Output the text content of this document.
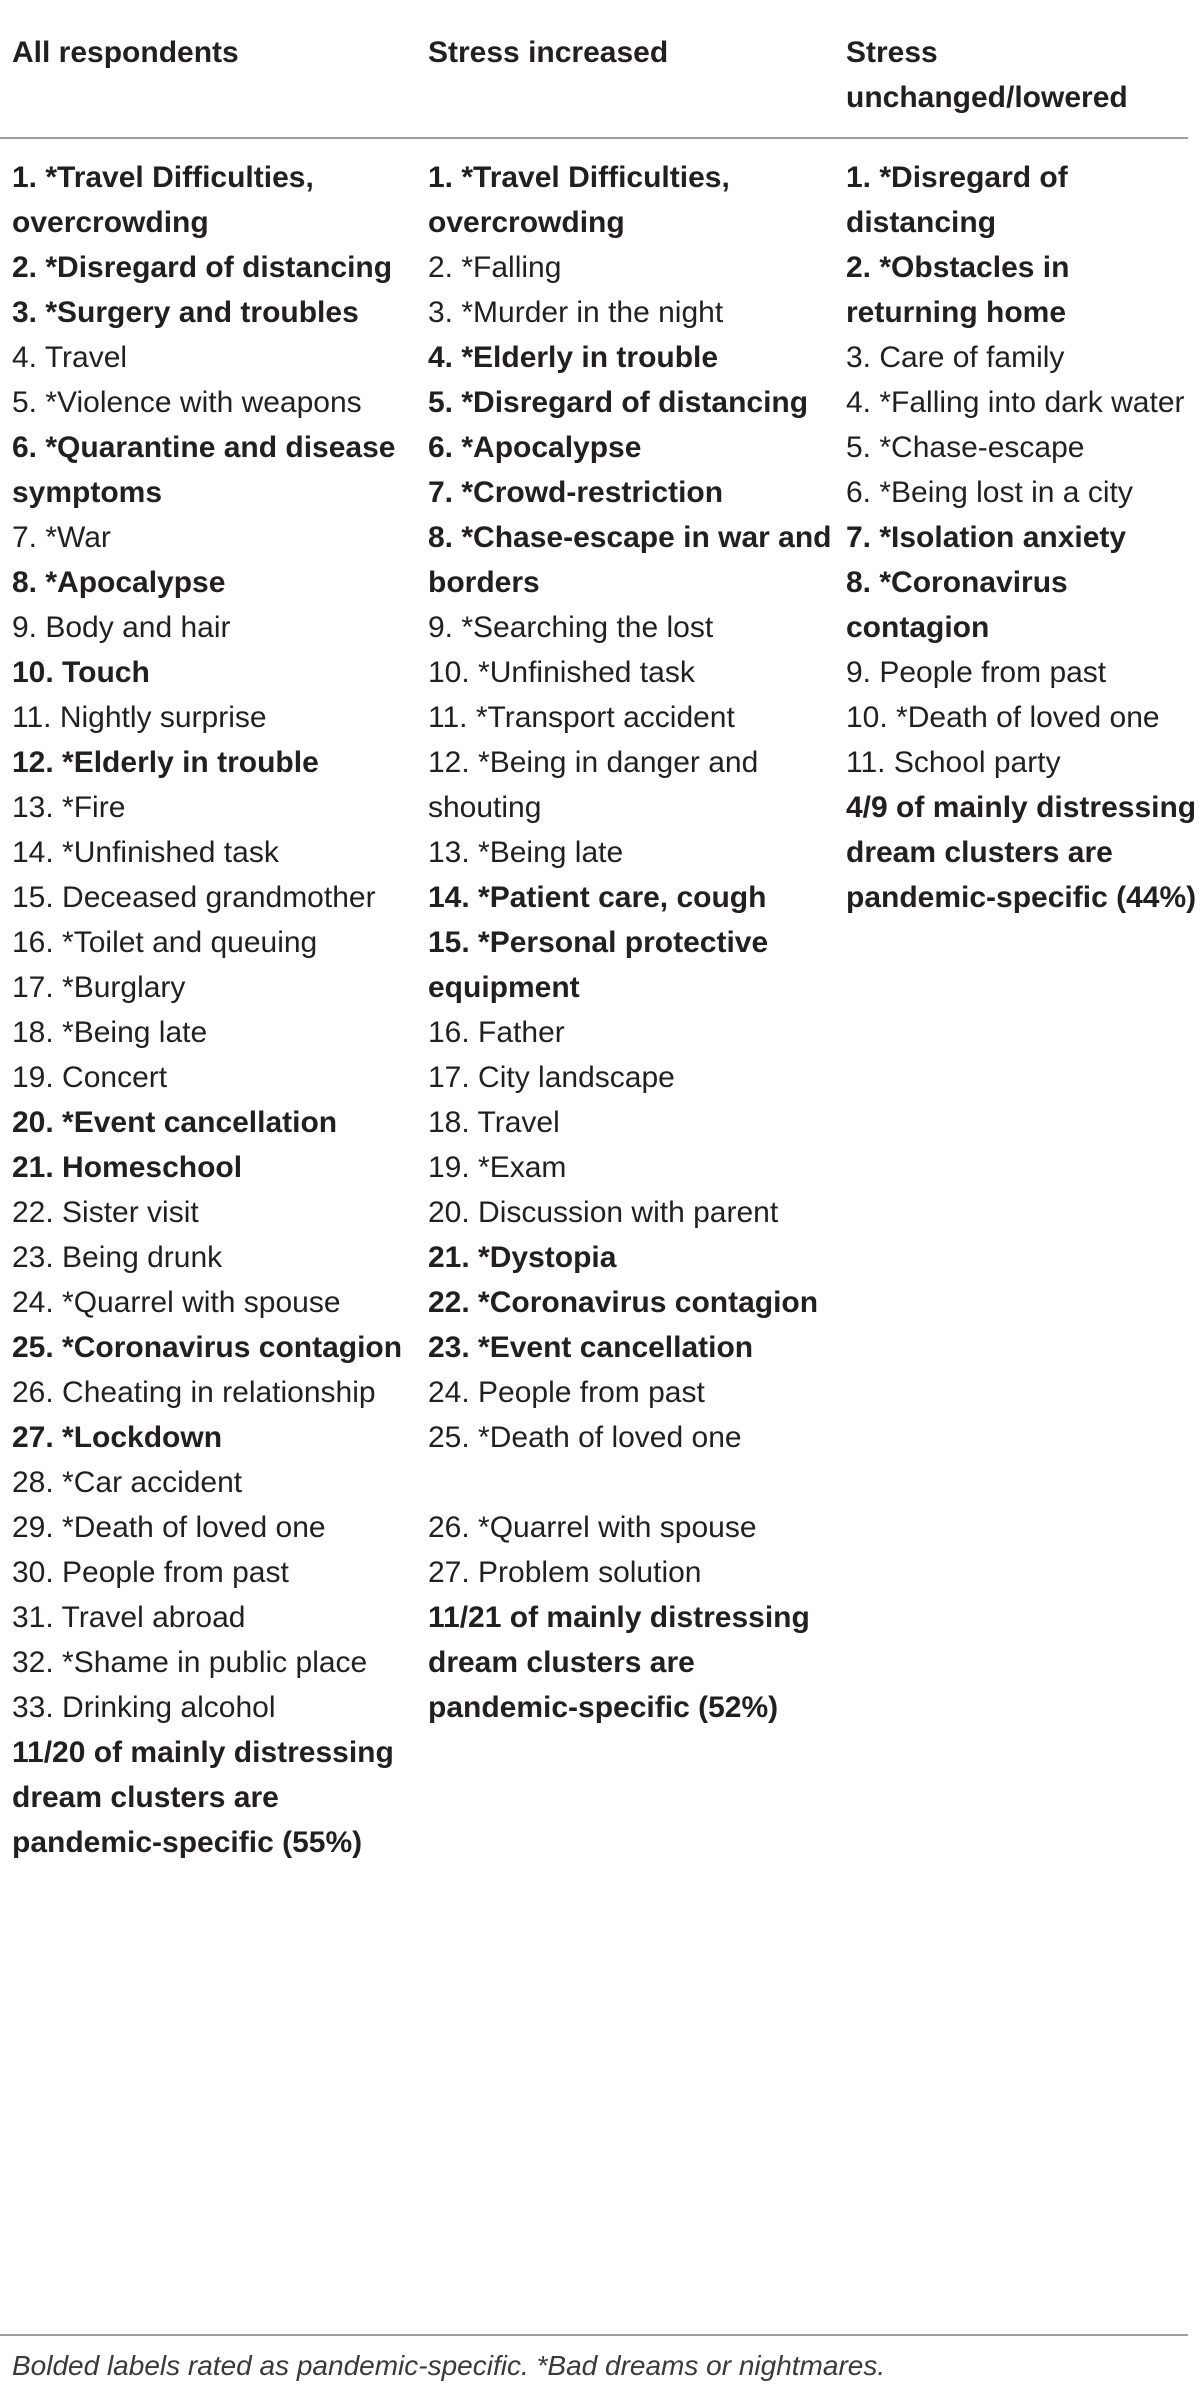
All respondents	Stress increased	Stress unchanged/lowered
1. *Travel Difficulties, overcrowding
2. *Disregard of distancing
3. *Surgery and troubles
4. Travel
5. *Violence with weapons
6. *Quarantine and disease symptoms
7. *War
8. *Apocalypse
9. Body and hair
10. Touch
11. Nightly surprise
12. *Elderly in trouble
13. *Fire
14. *Unfinished task
15. Deceased grandmother
16. *Toilet and queuing
17. *Burglary
18. *Being late
19. Concert
20. *Event cancellation
21. Homeschool
22. Sister visit
23. Being drunk
24. *Quarrel with spouse
25. *Coronavirus contagion
26. Cheating in relationship
27. *Lockdown
28. *Car accident
29. *Death of loved one
30. People from past
31. Travel abroad
32. *Shame in public place
33. Drinking alcohol
11/20 of mainly distressing dream clusters are pandemic-specific (55%)
1. *Travel Difficulties, overcrowding
2. *Falling
3. *Murder in the night
4. *Elderly in trouble
5. *Disregard of distancing
6. *Apocalypse
7. *Crowd-restriction
8. *Chase-escape in war and borders
9. *Searching the lost
10. *Unfinished task
11. *Transport accident
12. *Being in danger and shouting
13. *Being late
14. *Patient care, cough
15. *Personal protective equipment
16. Father
17. City landscape
18. Travel
19. *Exam
20. Discussion with parent
21. *Dystopia
22. *Coronavirus contagion
23. *Event cancellation
24. People from past
25. *Death of loved one
26. *Quarrel with spouse
27. Problem solution
11/21 of mainly distressing dream clusters are pandemic-specific (52%)
1. *Disregard of distancing
2. *Obstacles in returning home
3. Care of family
4. *Falling into dark water
5. *Chase-escape
6. *Being lost in a city
7. *Isolation anxiety
8. *Coronavirus contagion
9. People from past
10. *Death of loved one
11. School party
4/9 of mainly distressing dream clusters are pandemic-specific (44%)
Bolded labels rated as pandemic-specific. *Bad dreams or nightmares.
